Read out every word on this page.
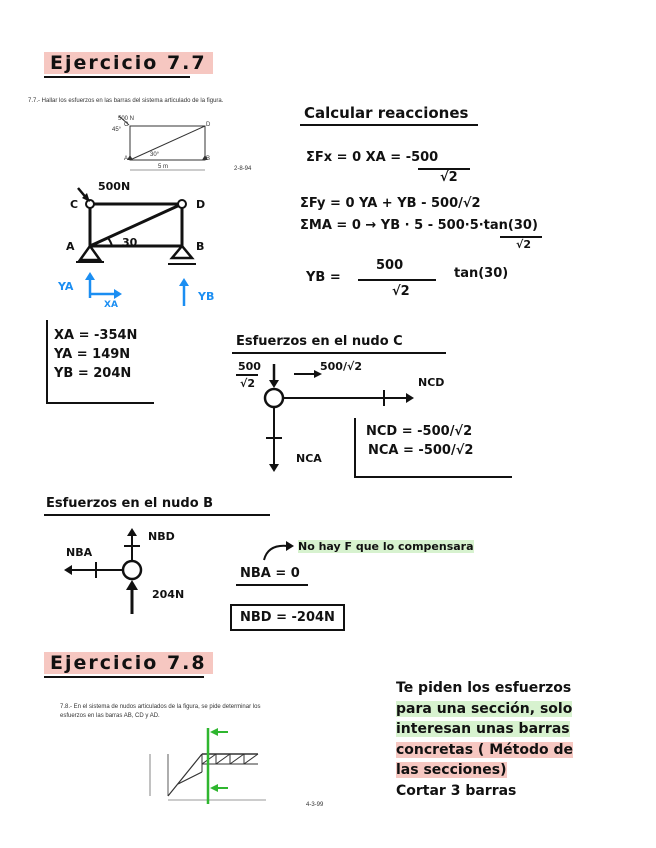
Ejercicio 7.7
7.7.- Hallar los esfuerzos en las barras del sistema articulado de la figura.
500 N
45°
C	D
A	B
30°
5 m	2-8-94
500N
C	D
A	B
30
YA
XA
YB
Calcular reacciones
ΣFx = 0 XA = -500
√2
ΣFy = 0 YA + YB - 500/√2
ΣMA = 0 → YB · 5 - 500·5·tan(30)
√2
YB =
500
√2
tan(30)
XA = -354N
YA = 149N
YB = 204N
Esfuerzos en el nudo C
500
√2
500/√2
NCD
NCA
NCD = -500/√2
NCA = -500/√2
Esfuerzos en el nudo B
NBD
NBA
204N
No hay F que lo compensara
NBA = 0
NBD = -204N
Ejercicio 7.8
7.8.- En el sistema de nudos articulados de la figura, se pide determinar los
esfuerzos en las barras AB, CD y AD.
4-3-99
Te piden los esfuerzos
para una sección, solo
interesan unas barras
concretas ( Método de
las secciones)
Cortar 3 barras
